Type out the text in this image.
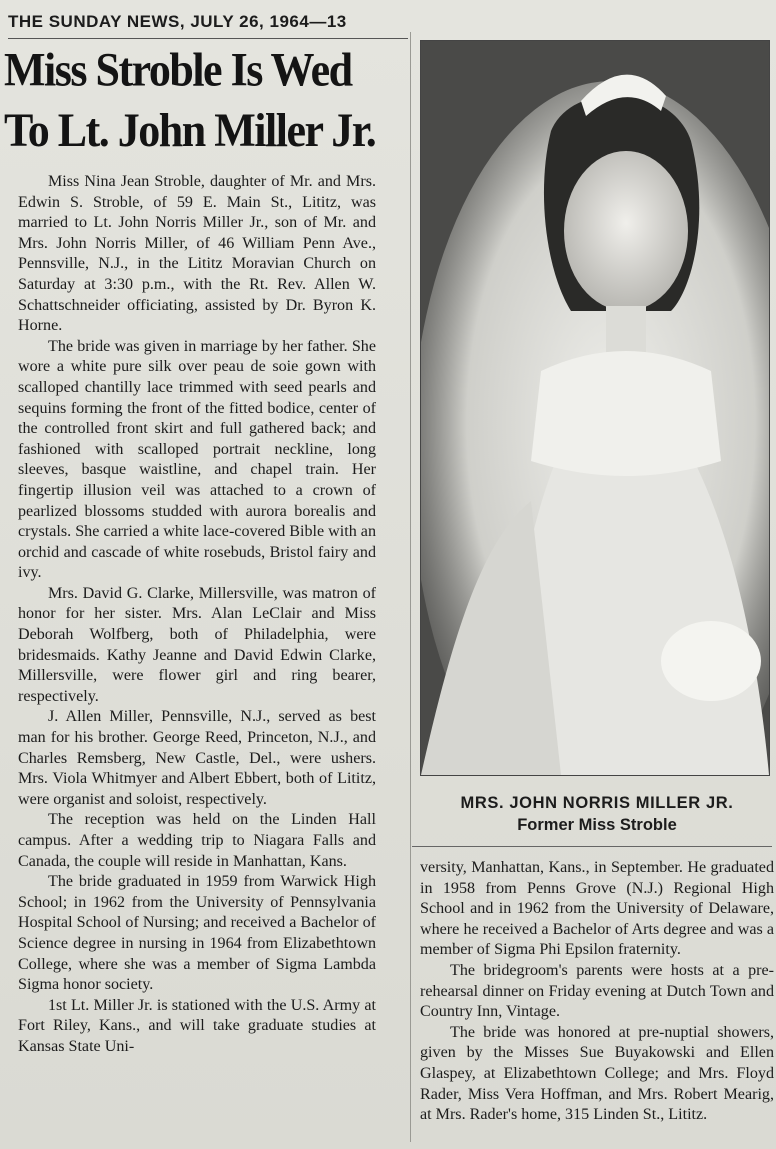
THE SUNDAY NEWS, JULY 26, 1964—13
Miss Stroble Is Wed
To Lt. John Miller Jr.

Miss Nina Jean Stroble, daughter of Mr. and Mrs. Edwin S. Stroble, of 59 E. Main St., Lititz, was married to Lt. John Norris Miller Jr., son of Mr. and Mrs. John Norris Miller, of 46 William Penn Ave., Pennsville, N.J., in the Lititz Moravian Church on Saturday at 3:30 p.m., with the Rt. Rev. Allen W. Schattschneider officiating, assisted by Dr. Byron K. Horne.

The bride was given in marriage by her father. She wore a white pure silk over peau de soie gown with scalloped chantilly lace trimmed with seed pearls and sequins forming the front of the fitted bodice, center of the controlled front skirt and full gathered back; and fashioned with scalloped portrait neckline, long sleeves, basque waistline, and chapel train. Her fingertip illusion veil was attached to a crown of pearlized blossoms studded with aurora borealis and crystals. She carried a white lace-covered Bible with an orchid and cascade of white rosebuds, Bristol fairy and ivy.

Mrs. David G. Clarke, Millersville, was matron of honor for her sister. Mrs. Alan LeClair and Miss Deborah Wolfberg, both of Philadelphia, were bridesmaids. Kathy Jeanne and David Edwin Clarke, Millersville, were flower girl and ring bearer, respectively.

J. Allen Miller, Pennsville, N.J., served as best man for his brother. George Reed, Princeton, N.J., and Charles Remsberg, New Castle, Del., were ushers. Mrs. Viola Whitmyer and Albert Ebbert, both of Lititz, were organist and soloist, respectively.

The reception was held on the Linden Hall campus. After a wedding trip to Niagara Falls and Canada, the couple will reside in Manhattan, Kans.

The bride graduated in 1959 from Warwick High School; in 1962 from the University of Pennsylvania Hospital School of Nursing; and received a Bachelor of Science degree in nursing in 1964 from Elizabethtown College, where she was a member of Sigma Lambda Sigma honor society.

1st Lt. Miller Jr. is stationed with the U.S. Army at Fort Riley, Kans., and will take graduate studies at Kansas State Uni-

MRS. JOHN NORRIS MILLER JR.
Former Miss Stroble

versity, Manhattan, Kans., in September. He graduated in 1958 from Penns Grove (N.J.) Regional High School and in 1962 from the University of Delaware, where he received a Bachelor of Arts degree and was a member of Sigma Phi Epsilon fraternity.

The bridegroom's parents were hosts at a pre-rehearsal dinner on Friday evening at Dutch Town and Country Inn, Vintage.

The bride was honored at pre-nuptial showers, given by the Misses Sue Buyakowski and Ellen Glaspey, at Elizabethtown College; and Mrs. Floyd Rader, Miss Vera Hoffman, and Mrs. Robert Mearig, at Mrs. Rader's home, 315 Linden St., Lititz.
